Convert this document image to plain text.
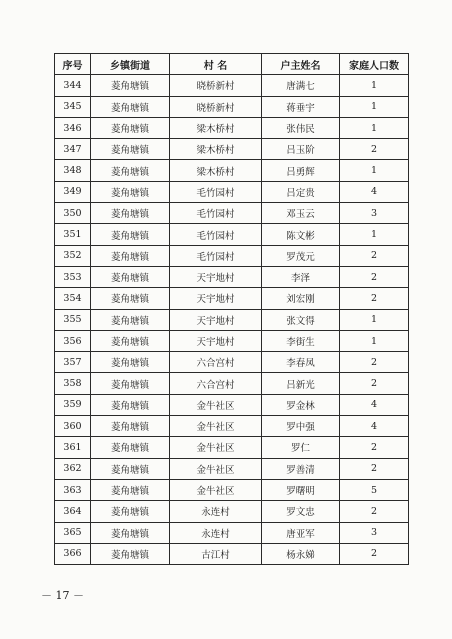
序号	乡镇街道	村 名	户主姓名	家庭人口数
344	菱角塘镇	晓桥新村	唐满七	1
345	菱角塘镇	晓桥新村	蒋垂宇	1
346	菱角塘镇	梁木桥村	张伟民	1
347	菱角塘镇	梁木桥村	吕玉阶	2
348	菱角塘镇	梁木桥村	吕勇辉	1
349	菱角塘镇	毛竹园村	吕定贵	4
350	菱角塘镇	毛竹园村	邓玉云	3
351	菱角塘镇	毛竹园村	陈文彬	1
352	菱角塘镇	毛竹园村	罗茂元	2
353	菱角塘镇	天宇地村	李泽	2
354	菱角塘镇	天宇地村	刘宏刚	2
355	菱角塘镇	天宇地村	张文得	1
356	菱角塘镇	天宇地村	李街生	1
357	菱角塘镇	六合宫村	李春凤	2
358	菱角塘镇	六合宫村	吕新光	2
359	菱角塘镇	金牛社区	罗金林	4
360	菱角塘镇	金牛社区	罗中强	4
361	菱角塘镇	金牛社区	罗仁	2
362	菱角塘镇	金牛社区	罗善清	2
363	菱角塘镇	金牛社区	罗曙明	5
364	菱角塘镇	永连村	罗文忠	2
365	菱角塘镇	永连村	唐亚军	3
366	菱角塘镇	古江村	杨永娣	2
－ 17 －
